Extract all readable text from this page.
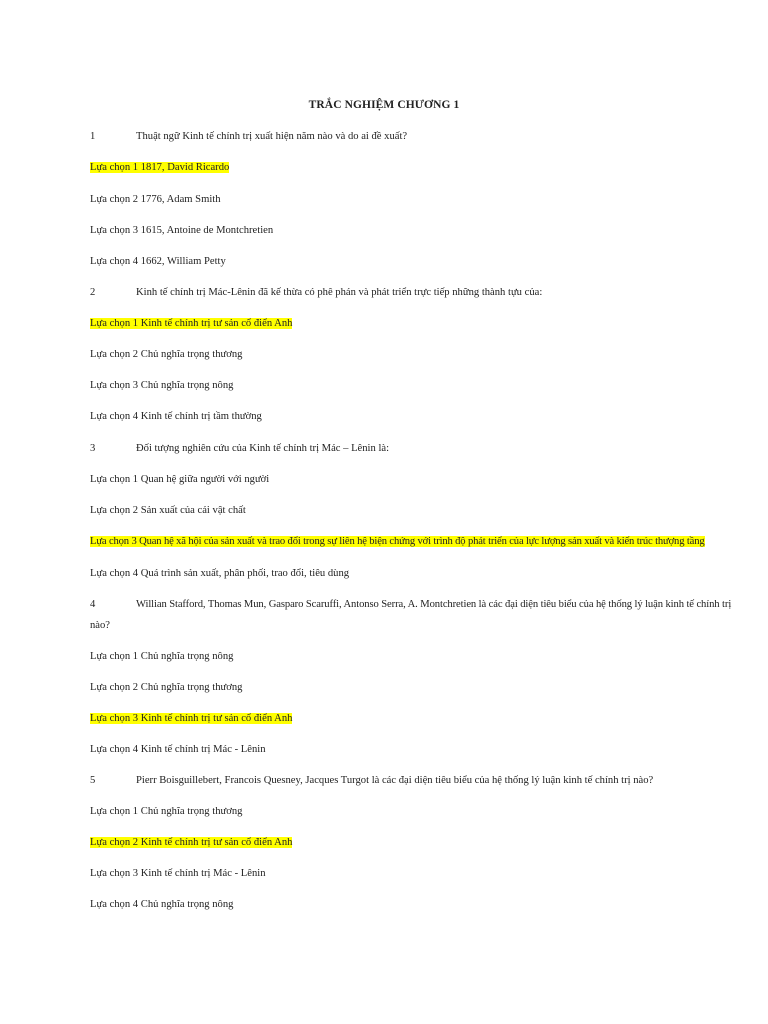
TRẮC NGHIỆM CHƯƠNG 1
1	Thuật ngữ Kinh tế chính trị xuất hiện năm nào và do ai đề xuất?
Lựa chọn 1 1817, David Ricardo
Lựa chọn 2 1776, Adam Smith
Lựa chọn 3 1615, Antoine de Montchretien
Lựa chọn 4 1662, William Petty
2	Kinh tế chính trị Mác-Lênin đã kế thừa có phê phán và phát triển trực tiếp những thành tựu của:
Lựa chọn 1 Kinh tế chính trị tư sản cổ điển Anh
Lựa chọn 2 Chủ nghĩa trọng thương
Lựa chọn 3 Chủ nghĩa trọng nông
Lựa chọn 4 Kinh tế chính trị tầm thường
3	Đối tượng nghiên cứu của Kinh tế chính trị Mác – Lênin là:
Lựa chọn 1 Quan hệ giữa người với người
Lựa chọn 2 Sản xuất của cải vật chất
Lựa chọn 3 Quan hệ xã hội của sản xuất và trao đổi trong sự liên hệ biện chứng với trình độ phát triển của lực lượng sản xuất và kiến trúc thượng tầng
Lựa chọn 4 Quá trình sản xuất, phân phối, trao đổi, tiêu dùng
4	Willian Stafford, Thomas Mun, Gasparo Scaruffi, Antonso Serra, A. Montchretien là các đại diện tiêu biểu của hệ thống lý luận kinh tế chính trị
nào?
Lựa chọn 1 Chủ nghĩa trọng nông
Lựa chọn 2 Chủ nghĩa trọng thương
Lựa chọn 3 Kinh tế chính trị tư sản cổ điển Anh
Lựa chọn 4 Kinh tế chính trị Mác - Lênin
5	Pierr Boisguillebert, Francois Quesney, Jacques Turgot là các đại diện tiêu biểu của hệ thống lý luận kinh tế chính trị nào?
Lựa chọn 1 Chủ nghĩa trọng thương
Lựa chọn 2 Kinh tế chính trị tư sản cổ điển Anh
Lựa chọn 3 Kinh tế chính trị Mác - Lênin
Lựa chọn 4 Chủ nghĩa trọng nông
